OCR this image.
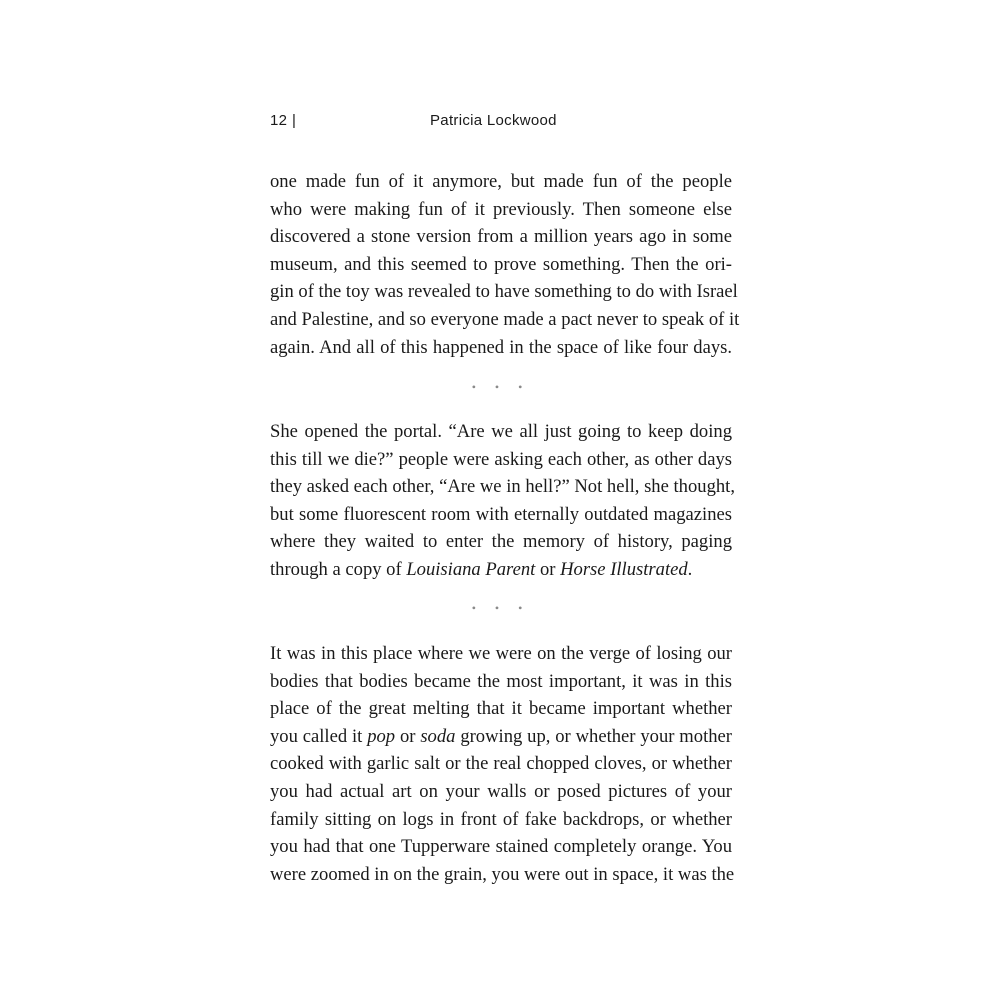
12 |	Patricia Lockwood
one made fun of it anymore, but made fun of the people
who were making fun of it previously. Then someone else
discovered a stone version from a million years ago in some
museum, and this seemed to prove something. Then the ori-
gin of the toy was revealed to have something to do with Israel
and Palestine, and so everyone made a pact never to speak of it
again. And all of this happened in the space of like four days.
• • •
She opened the portal. “Are we all just going to keep doing
this till we die?” people were asking each other, as other days
they asked each other, “Are we in hell?” Not hell, she thought,
but some fluorescent room with eternally outdated magazines
where they waited to enter the memory of history, paging
through a copy of Louisiana Parent or Horse Illustrated.
• • •
It was in this place where we were on the verge of losing our
bodies that bodies became the most important, it was in this
place of the great melting that it became important whether
you called it pop or soda growing up, or whether your mother
cooked with garlic salt or the real chopped cloves, or whether
you had actual art on your walls or posed pictures of your
family sitting on logs in front of fake backdrops, or whether
you had that one Tupperware stained completely orange. You
were zoomed in on the grain, you were out in space, it was the
